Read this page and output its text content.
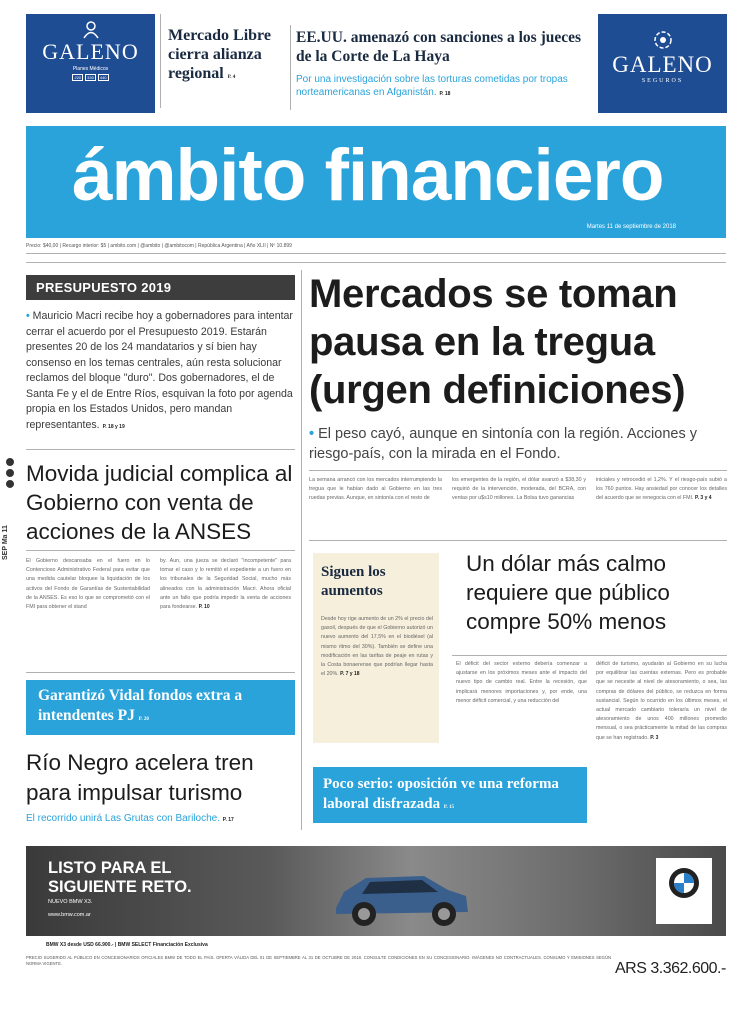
GALENO
Planes Médicos
220 330 440
Mercado Libre cierra alianza regional P. 4
EE.UU. amenazó con sanciones a los jueces de la Corte de La Haya
Por una investigación sobre las torturas cometidas por tropas norteamericanas en Afganistán. P. 18
GALENO
SEGUROS
ámbito financiero
Martes 11 de septiembre de 2018
Precio: $40,00 | Recargo interior: $5 | ambito.com | @ambito | @ambitocom | República Argentina | Año XLII | Nº 10.899
PRESUPUESTO 2019
• Mauricio Macri recibe hoy a gobernadores para intentar cerrar el acuerdo por el Presupuesto 2019. Estarán presentes 20 de los 24 mandatarios y sí bien hay consenso en los temas centrales, aún resta solucionar reclamos del bloque "duro". Dos gobernadores, el de Santa Fe y el de Entre Ríos, esquivan la foto por agenda propia en los Estados Unidos, pero mandan representantes. P. 18 y 19
SEP Ma 11
Movida judicial complica al Gobierno con venta de acciones de la ANSES
El Gobierno descansaba en el fuero en lo Contencioso Administrativo Federal para evitar que una medida cautelar bloquee la liquidación de los activos del Fondo de Garantías de Sustentabilidad de la ANSES. Es eso lo que se comprometió con el FMI para obtener el stand
by. Aun, una jueza se declaró "incompetente" para tomar el caso y lo remitió el expediente a un fuero en los tribunales de la Seguridad Social, mucho más alineados con la administración Macri. Ahora oficial ante un fallo que podría impedir la venta de acciones para fondearse. P. 10
Garantizó Vidal fondos extra a intendentes PJ P. 20
Río Negro acelera tren para impulsar turismo
El recorrido unirá Las Grutas con Bariloche. P. 17
Mercados se toman pausa en la tregua (urgen definiciones)
• El peso cayó, aunque en sintonía con la región. Acciones y riesgo-país, con la mirada en el Fondo.
La semana arrancó con los mercados interrumpiendo la tregua que le habían dado al Gobierno en las tres ruedas previas. Aunque, en sintonía con el resto de
los emergentes de la región, el dólar avanzó a $38,30 y requirió de la intervención, moderada, del BCRA, con ventas por u$s10 millones. La Bolsa tuvo ganancias
iniciales y retrocedió el 1,2%. Y el riesgo-país subió a los 760 puntos. Hay ansiedad por conocer los detalles del acuerdo que se renegocia con el FMI. P. 3 y 4
Siguen los aumentos
Desde hoy rige aumento de un 2% el precio del gasoil, después de que el Gobierno autorizó un nuevo aumento del 17,5% en el biodiésel (al mismo ritmo del 30%). También se define una modificación en las tarifas de peaje en rutas y la Costa bonaerense que podrían llegar hasta el 20%. P. 7 y 18
Un dólar más calmo requiere que público compre 50% menos
El déficit del sector externo debería comenzar a ajustarse en los próximos meses ante el impacto del nuevo tipo de cambio real. Entre la recesión, que implicará menores importaciones y, por ende, una menor déficit comercial, y una reducción del
déficit de turismo, ayudarán al Gobierno en su lucha por equilibrar las cuentas externas. Pero es probable que se necesite al nivel de atesoramiento, o sea, las compras de dólares del público, se reduzca en forma sustancial. Según lo ocurrido en los últimos meses, el actual mercado cambiario toleraría un nivel de atesoramiento de unos 400 millones promedio mensual, o sea prácticamente la mitad de las compras que se han registrado. P. 3
Poco serio: oposición ve una reforma laboral disfrazada P. 15
LISTO PARA EL SIGUIENTE RETO.
NUEVO BMW X3.
www.bmw.com.ar
BMW X3 desde USD 66.900.- | BMW SELECT Financiación Exclusiva
PRECIO SUGERIDO AL PÚBLICO EN CONCESIONARIOS OFICIALES BMW DE TODO EL PAÍS. OFERTA VÁLIDA DEL 01 DE SEPTIEMBRE AL 31 DE OCTUBRE DE 2018. CONSULTE CONDICIONES EN SU CONCESIONARIO. IMÁGENES NO CONTRACTUALES. CONSUMO Y EMISIONES SEGÚN NORMA VIGENTE.	ARS 3.362.600.-
